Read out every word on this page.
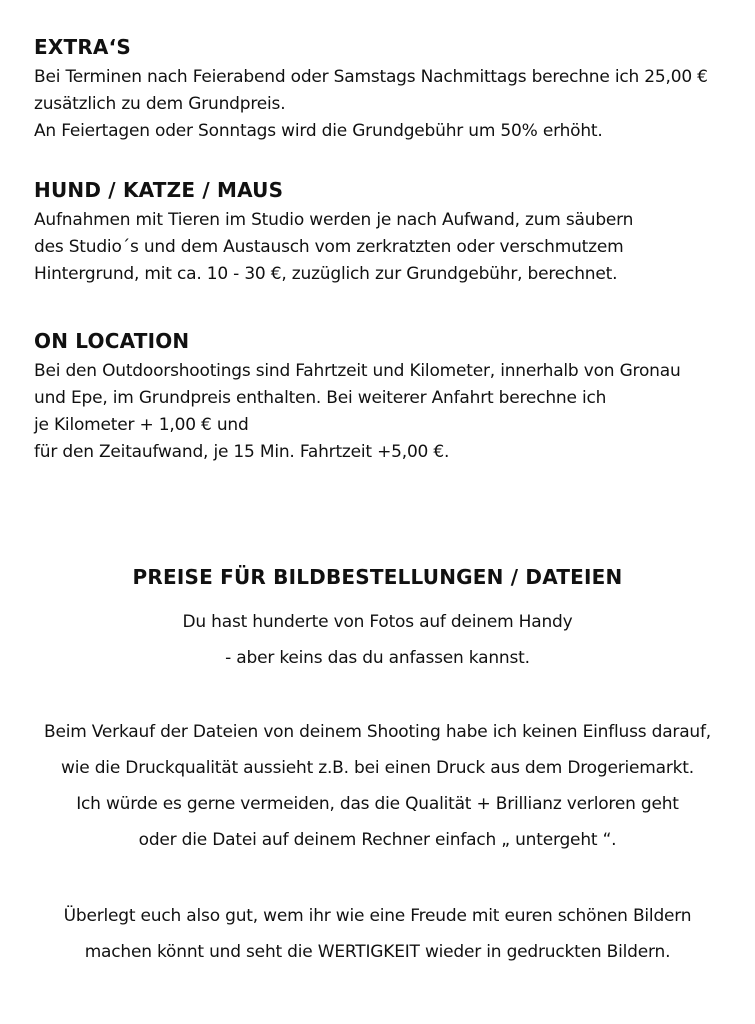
EXTRA‘S
Bei Terminen nach Feierabend oder Samstags Nachmittags berechne ich 25,00 €
zusätzlich zu dem Grundpreis.
An Feiertagen oder Sonntags wird die Grundgebühr um 50% erhöht.
HUND / KATZE / MAUS
Aufnahmen mit Tieren im Studio werden je nach Aufwand, zum säubern
des Studio´s und dem Austausch vom zerkratzten oder verschmutzem
Hintergrund, mit ca. 10 - 30 €, zuzüglich zur Grundgebühr, berechnet.
ON LOCATION
Bei den Outdoorshootings sind Fahrtzeit und Kilometer, innerhalb von Gronau
und Epe, im Grundpreis enthalten. Bei weiterer Anfahrt berechne ich
je Kilometer + 1,00 € und
für den Zeitaufwand, je 15 Min. Fahrtzeit +5,00 €.
PREISE FÜR BILDBESTELLUNGEN / DATEIEN
Du hast hunderte von Fotos auf deinem Handy
- aber keins das du anfassen kannst.
Beim Verkauf der Dateien von deinem Shooting habe ich keinen Einfluss darauf,
wie die Druckqualität aussieht z.B. bei einen Druck aus dem Drogeriemarkt.
Ich würde es gerne vermeiden, das die Qualität + Brillianz verloren geht
oder die Datei auf deinem Rechner einfach „ untergeht “.
Überlegt euch also gut, wem ihr wie eine Freude mit euren schönen Bildern
machen könnt und seht die WERTIGKEIT wieder in gedruckten Bildern.
